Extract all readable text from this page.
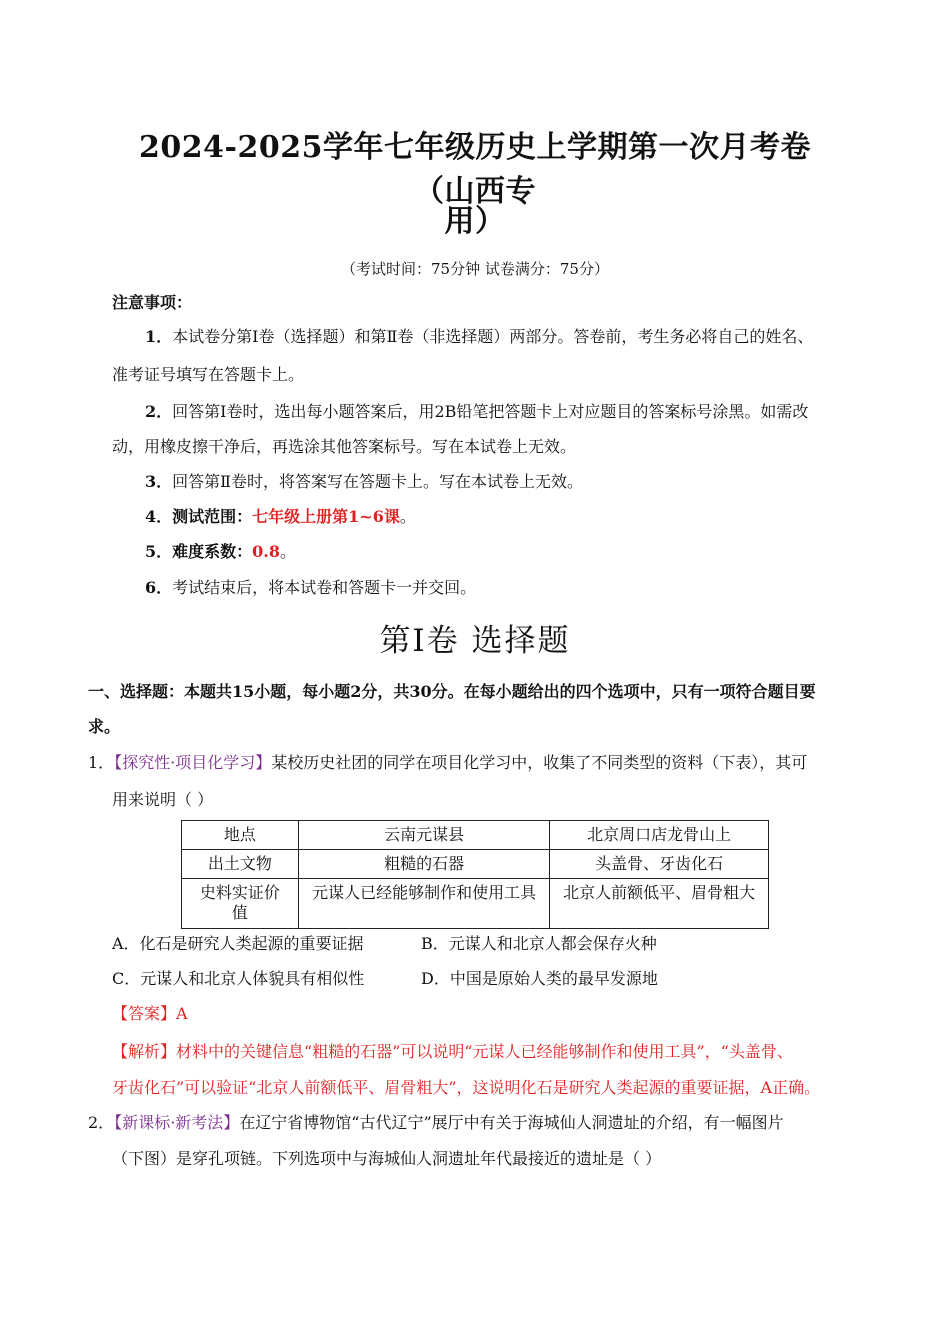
2024-2025学年七年级历史上学期第一次月考卷（山西专
用）
（考试时间：75分钟 试卷满分：75分）
注意事项：
1．本试卷分第Ⅰ卷（选择题）和第Ⅱ卷（非选择题）两部分。答卷前，考生务必将自己的姓名、
准考证号填写在答题卡上。
2．回答第Ⅰ卷时，选出每小题答案后，用2B铅笔把答题卡上对应题目的答案标号涂黑。如需改
动，用橡皮擦干净后，再选涂其他答案标号。写在本试卷上无效。
3．回答第Ⅱ卷时，将答案写在答题卡上。写在本试卷上无效。
4．测试范围：七年级上册第1~6课。
5．难度系数：0.8。
6．考试结束后，将本试卷和答题卡一并交回。
第Ⅰ卷 选择题
一、选择题：本题共15小题，每小题2分，共30分。在每小题给出的四个选项中，只有一项符合题目要
求。
1．【探究性·项目化学习】某校历史社团的同学在项目化学习中，收集了不同类型的资料（下表），其可
用来说明（ ）
地点	云南元谋县	北京周口店龙骨山上
出土文物	粗糙的石器	头盖骨、牙齿化石
史料实证价值	元谋人已经能够制作和使用工具	北京人前额低平、眉骨粗大
A．化石是研究人类起源的重要证据	B．元谋人和北京人都会保存火种
C．元谋人和北京人体貌具有相似性	D．中国是原始人类的最早发源地
【答案】A
【解析】材料中的关键信息“粗糙的石器”可以说明“元谋人已经能够制作和使用工具”，“头盖骨、
牙齿化石”可以验证“北京人前额低平、眉骨粗大”，这说明化石是研究人类起源的重要证据，A正确。
2．【新课标·新考法】在辽宁省博物馆“古代辽宁”展厅中有关于海城仙人洞遗址的介绍，有一幅图片
（下图）是穿孔项链。下列选项中与海城仙人洞遗址年代最接近的遗址是（ ）
